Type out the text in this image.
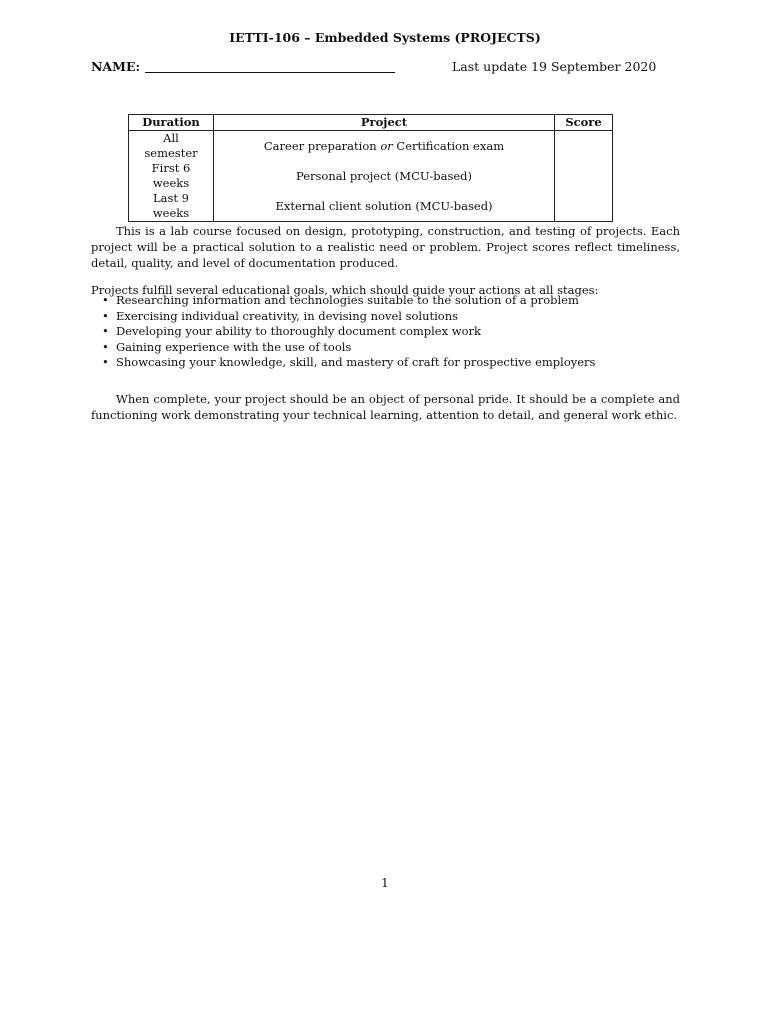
IETTI-106 – Embedded Systems (PROJECTS)
NAME:	Last update 19 September 2020
Duration	Project	Score
All semester	Career preparation or Certification exam	
First 6 weeks	Personal project (MCU-based)	
Last 9 weeks	External client solution (MCU-based)	

This is a lab course focused on design, prototyping, construction, and testing of projects. Each project will be a practical solution to a realistic need or problem. Project scores reflect timeliness, detail, quality, and level of documentation produced.

Projects fulfill several educational goals, which should guide your actions at all stages:

• Researching information and technologies suitable to the solution of a problem
• Exercising individual creativity, in devising novel solutions
• Developing your ability to thoroughly document complex work
• Gaining experience with the use of tools
• Showcasing your knowledge, skill, and mastery of craft for prospective employers

When complete, your project should be an object of personal pride. It should be a complete and functioning work demonstrating your technical learning, attention to detail, and general work ethic.

1
